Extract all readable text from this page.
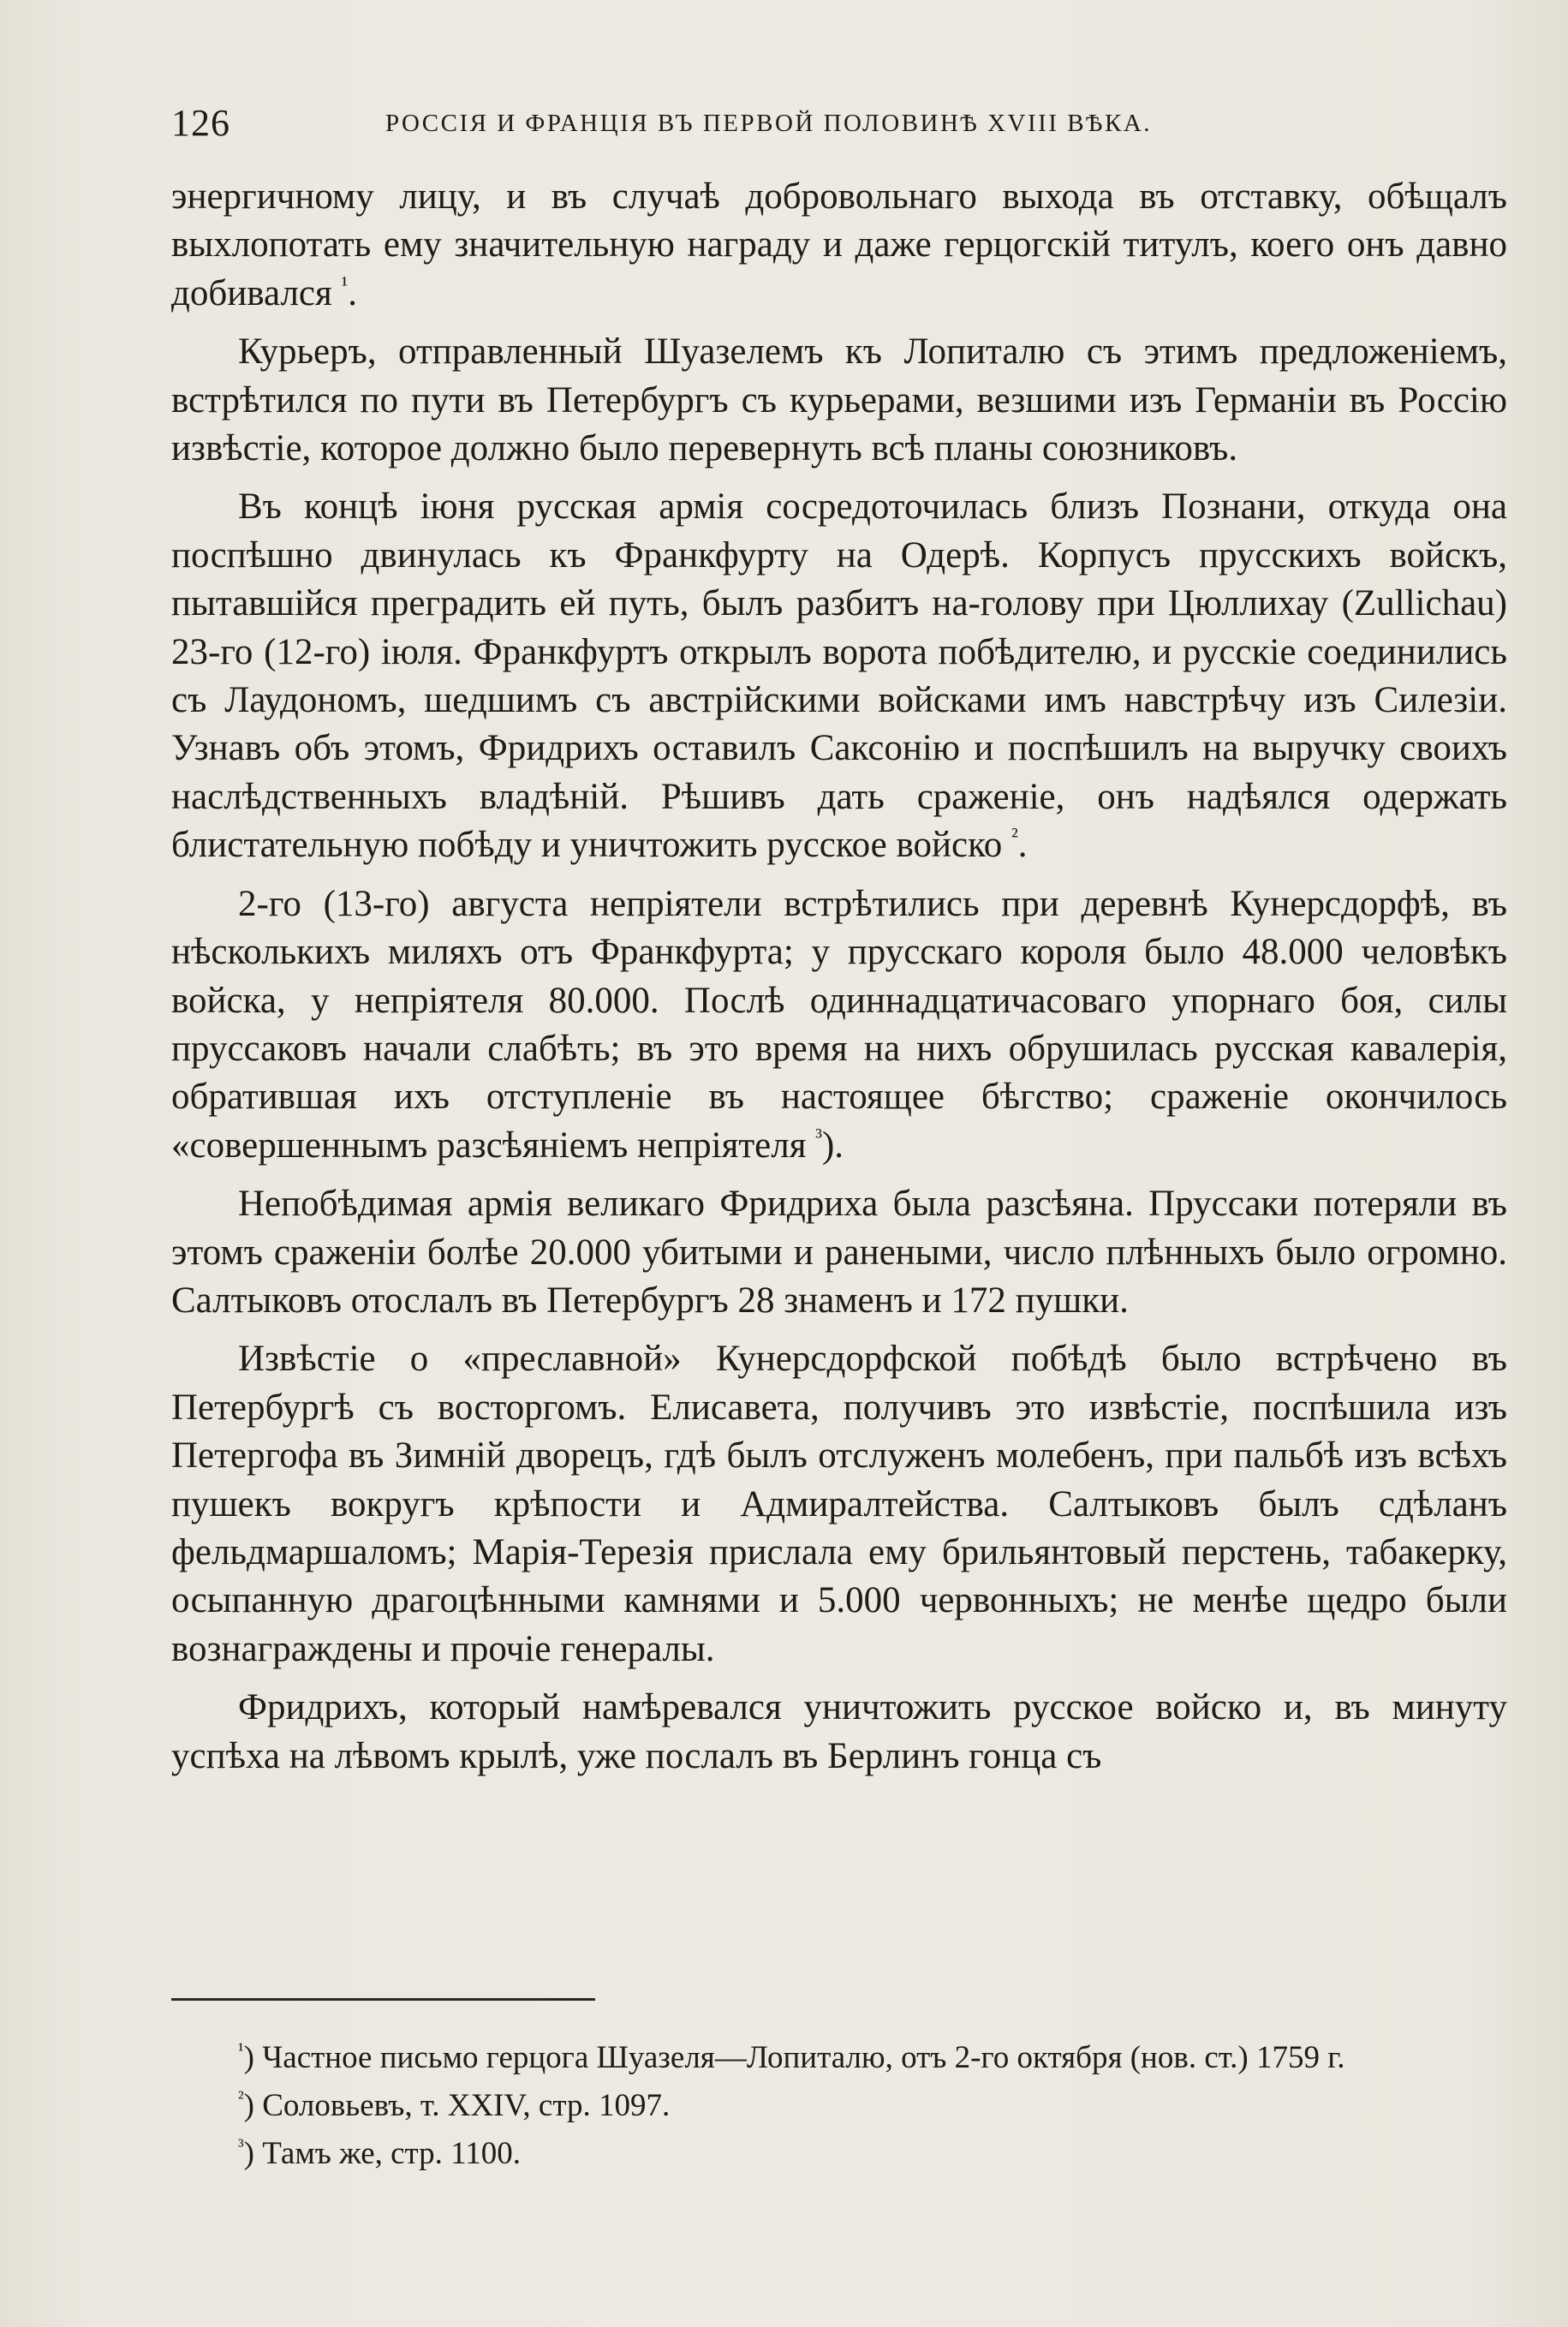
126	РОССІЯ И ФРАНЦІЯ ВЪ ПЕРВОЙ ПОЛОВИНѢ XVIII ВѢКА.

энергичному лицу, и въ случаѣ добровольнаго выхода въ отставку, обѣщалъ выхлопотать ему значительную награду и даже герцогскій титулъ, коего онъ давно добивался $^{^1}$.

Курьеръ, отправленный Шуазелемъ къ Лопиталю съ этимъ предложеніемъ, встрѣтился по пути въ Петербургъ съ курьерами, везшими изъ Германіи въ Россію извѣстіе, которое должно было перевернуть всѣ планы союзниковъ.

Въ концѣ іюня русская армія сосредоточилась близъ Познани, откуда она поспѣшно двинулась къ Франкфурту на Одерѣ. Корпусъ прусскихъ войскъ, пытавшійся преградить ей путь, былъ разбитъ на-голову при Цюллихау (Zullichau) 23-го (12-го) іюля. Франкфуртъ открылъ ворота побѣдителю, и русскіе соединились съ Лаудономъ, шедшимъ съ австрійскими войсками имъ навстрѣчу изъ Силезіи. Узнавъ объ этомъ, Фридрихъ оставилъ Саксонію и поспѣшилъ на выручку своихъ наслѣдственныхъ владѣній. Рѣшивъ дать сраженіе, онъ надѣялся одержать блистательную побѣду и уничтожить русское войско $^{^2}$.

2-го (13-го) августа непріятели встрѣтились при деревнѣ Кунерсдорфѣ, въ нѣсколькихъ миляхъ отъ Франкфурта; у прусскаго короля было 48.000 человѣкъ войска, у непріятеля 80.000. Послѣ одиннадцатичасоваго упорнаго боя, силы пруссаковъ начали слабѣть; въ это время на нихъ обрушилась русская кавалерія, обратившая ихъ отступленіе въ настоящее бѣгство; сраженіе окончилось «совершеннымъ разсѣяніемъ непріятеля $^{^3}$).

Непобѣдимая армія великаго Фридриха была разсѣяна. Пруссаки потеряли въ этомъ сраженіи болѣе 20.000 убитыми и ранеными, число плѣнныхъ было огромно. Салтыковъ отослалъ въ Петербургъ 28 знаменъ и 172 пушки.

Извѣстіе о «преславной» Кунерсдорфской побѣдѣ было встрѣчено въ Петербургѣ съ восторгомъ. Елисавета, получивъ это извѣстіе, поспѣшила изъ Петергофа въ Зимній дворецъ, гдѣ былъ отслуженъ молебенъ, при пальбѣ изъ всѣхъ пушекъ вокругъ крѣпости и Адмиралтейства. Салтыковъ былъ сдѣланъ фельдмаршаломъ; Марія-Терезія прислала ему брильянтовый перстень, табакерку, осыпанную драгоцѣнными камнями и 5.000 червонныхъ; не менѣе щедро были вознаграждены и прочіе генералы.

Фридрихъ, который намѣревался уничтожить русское войско и, въ минуту успѣха на лѣвомъ крылѣ, уже послалъ въ Берлинъ гонца съ

$^{^1}$) Частное письмо герцога Шуазеля—Лопиталю, отъ 2-го октября (нов. ст.) 1759 г.

$^{^2}$) Соловьевъ, т. XXIV, стр. 1097.

$^{^3}$) Тамъ же, стр. 1100.
